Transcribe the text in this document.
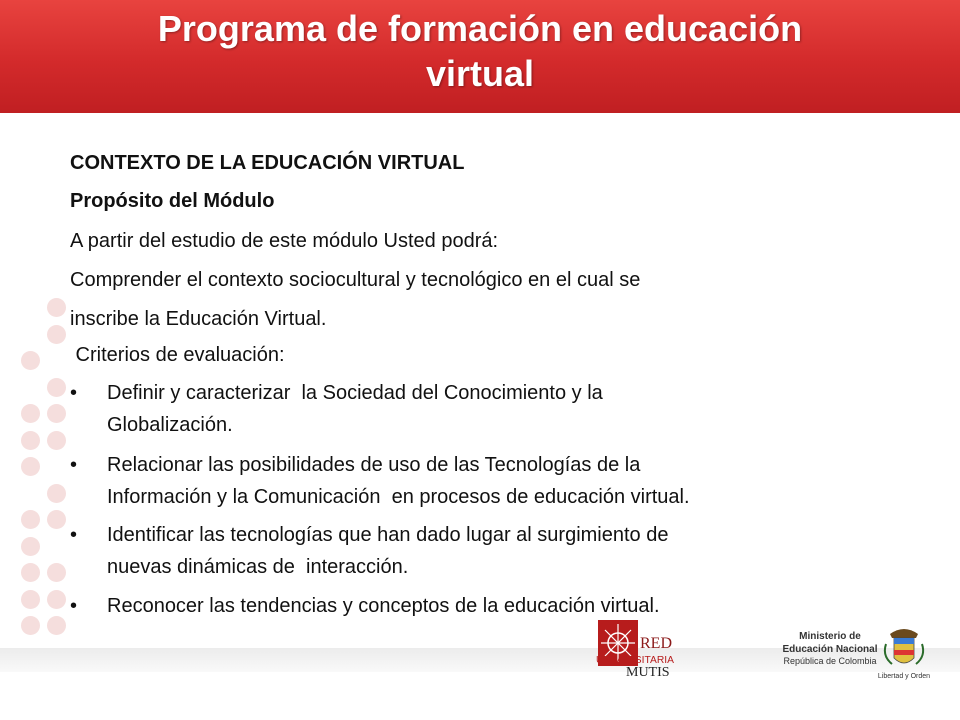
Programa de formación en educación
virtual
CONTEXTO DE LA EDUCACIÓN VIRTUAL
Propósito del Módulo
A partir del estudio de este módulo Usted podrá:
Comprender el contexto sociocultural y tecnológico en el cual se
inscribe la Educación Virtual.
Criterios de evaluación:
• Definir y caracterizar  la Sociedad del Conocimiento y la
Globalización.
• Relacionar las posibilidades de uso de las Tecnologías de la
Información y la Comunicación  en procesos de educación virtual.
• Identificar las tecnologías que han dado lugar al surgimiento de
nuevas dinámicas de  interacción.
• Reconocer las tendencias y conceptos de la educación virtual.
RED
UNIVERSITARIA
MUTIS
Ministerio de
Educación Nacional
República de Colombia
Libertad y Orden
